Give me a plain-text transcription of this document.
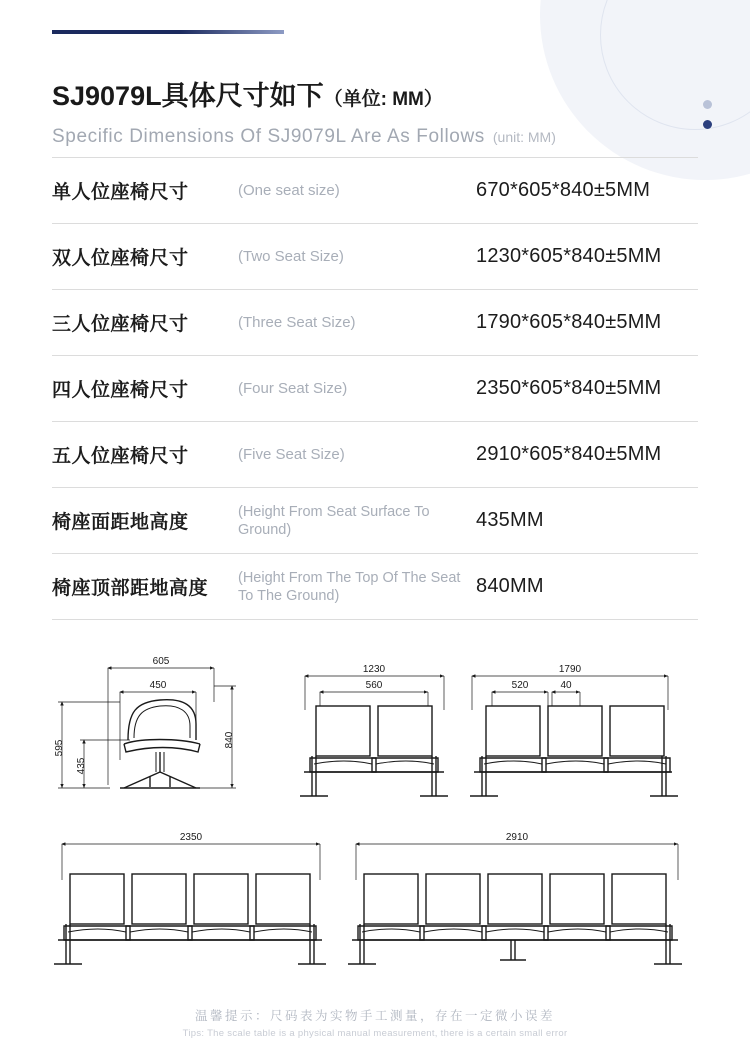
SJ9079L具体尺寸如下（单位: MM）
Specific Dimensions Of SJ9079L Are As Follows (unit: MM)
单人位座椅尺寸	(One seat size)	670*605*840±5MM
双人位座椅尺寸	(Two Seat Size)	1230*605*840±5MM
三人位座椅尺寸	(Three Seat Size)	1790*605*840±5MM
四人位座椅尺寸	(Four Seat Size)	2350*605*840±5MM
五人位座椅尺寸	(Five Seat Size)	2910*605*840±5MM
椅座面距地高度
(Height From Seat Surface To Ground)	435MM
椅座顶部距地高度
(Height From The Top Of The Seat To The Ground)	840MM
605
450
840
595
435
1230
560
1790
520	40
2350	2910
温馨提示：尺码表为实物手工测量，存在一定微小误差
Tips: The scale table is a physical manual measurement, there is a certain small error
